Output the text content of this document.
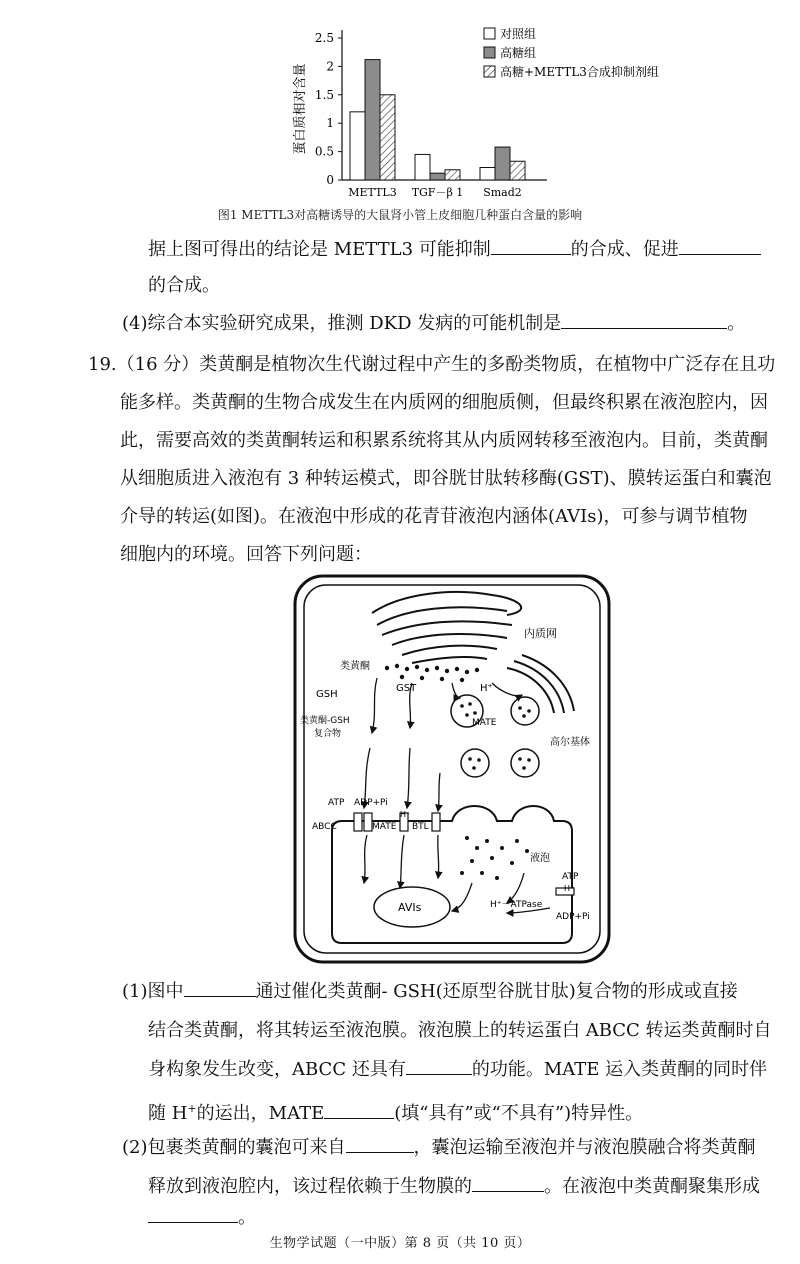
0
0.5
1
1.5
2
2.5
蛋白质相对含量
METTL3 TGF－β 1 Smad2
对照组
高糖组
高糖+METTL3合成抑制剂组
图1 METTL3对高糖诱导的大鼠肾小管上皮细胞几种蛋白含量的影响
据上图可得出的结论是 METTL3 可能抑制	的合成、促进
的合成。
(4)综合本实验研究成果，推测 DKD 发病的可能机制是	。
19.（16 分）类黄酮是植物次生代谢过程中产生的多酚类物质，在植物中广泛存在且功
能多样。类黄酮的生物合成发生在内质网的细胞质侧，但最终积累在液泡腔内，因
此，需要高效的类黄酮转运和积累系统将其从内质网转移至液泡内。目前，类黄酮
从细胞质进入液泡有 3 种转运模式，即谷胱甘肽转移酶(GST)、膜转运蛋白和囊泡
介导的转运(如图)。在液泡中形成的花青苷液泡内涵体(AVIs)，可参与调节植物
细胞内的环境。回答下列问题：
内质网
类黄酮
GSH
GST	H⁺
MATE
类黄酮-GSH
复合物
高尔基体
ATP ADP+Pi
H⁺
ABCC	MATE BTL
液泡
AVIs	H⁺－ATPase
ATP
H⁺
ADP+Pi
(1)图中	通过催化类黄酮- GSH(还原型谷胱甘肽)复合物的形成或直接
结合类黄酮，将其转运至液泡膜。液泡膜上的转运蛋白 ABCC 转运类黄酮时自
身构象发生改变，ABCC 还具有	的功能。MATE 运入类黄酮的同时伴
随 H+的运出，MATE	(填“具有”或“不具有”)特异性。
(2)包裹类黄酮的囊泡可来自	，囊泡运输至液泡并与液泡膜融合将类黄酮
释放到液泡腔内，该过程依赖于生物膜的	。在液泡中类黄酮聚集形成
。
生物学试题（一中版）第 8 页（共 10 页）
